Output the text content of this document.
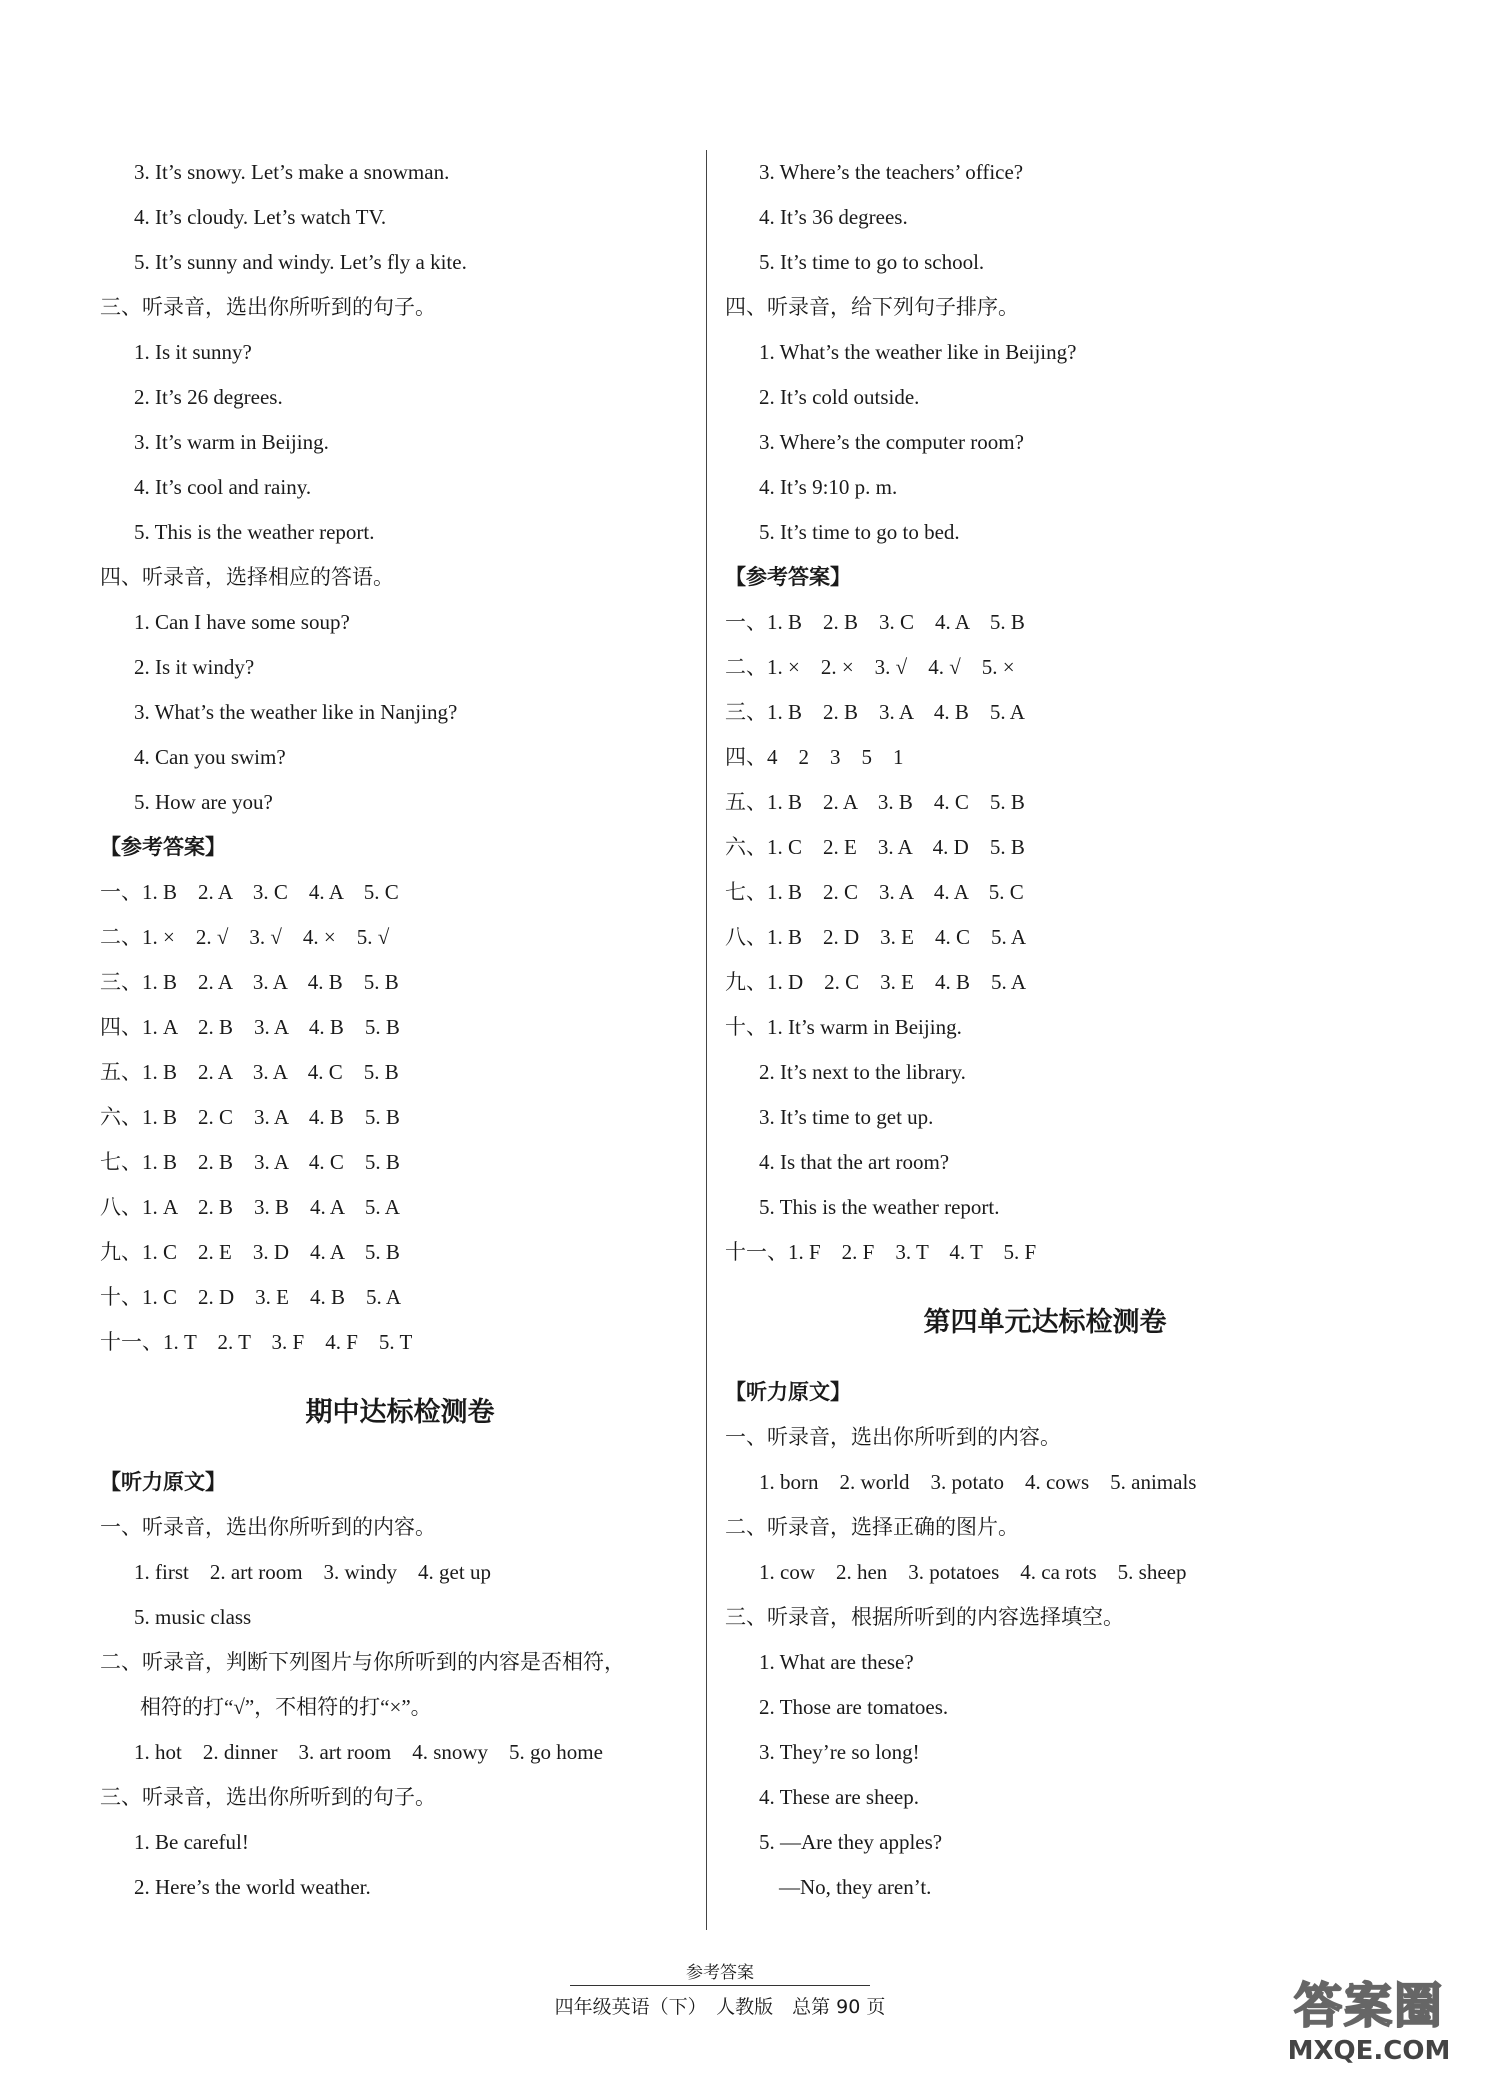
3. It’s snowy. Let’s make a snowman.
4. It’s cloudy. Let’s watch TV.
5. It’s sunny and windy. Let’s fly a kite.
三、听录音，选出你所听到的句子。
1. Is it sunny?
2. It’s 26 degrees.
3. It’s warm in Beijing.
4. It’s cool and rainy.
5. This is the weather report.
四、听录音，选择相应的答语。
1. Can I have some soup?
2. Is it windy?
3. What’s the weather like in Nanjing?
4. Can you swim?
5. How are you?
【参考答案】
一、1. B　2. A　3. C　4. A　5. C
二、1. ×　2. √　3. √　4. ×　5. √
三、1. B　2. A　3. A　4. B　5. B
四、1. A　2. B　3. A　4. B　5. B
五、1. B　2. A　3. A　4. C　5. B
六、1. B　2. C　3. A　4. B　5. B
七、1. B　2. B　3. A　4. C　5. B
八、1. A　2. B　3. B　4. A　5. A
九、1. C　2. E　3. D　4. A　5. B
十、1. C　2. D　3. E　4. B　5. A
十一、1. T　2. T　3. F　4. F　5. T
期中达标检测卷
【听力原文】
一、听录音，选出你所听到的内容。
1. first　2. art room　3. windy　4. get up
5. music class
二、听录音，判断下列图片与你所听到的内容是否相符，
相符的打“√”，不相符的打“×”。
1. hot　2. dinner　3. art room　4. snowy　5. go home
三、听录音，选出你所听到的句子。
1. Be careful!
2. Here’s the world weather.
3. Where’s the teachers’ office?
4. It’s 36 degrees.
5. It’s time to go to school.
四、听录音，给下列句子排序。
1. What’s the weather like in Beijing?
2. It’s cold outside.
3. Where’s the computer room?
4. It’s 9:10 p. m.
5. It’s time to go to bed.
【参考答案】
一、1. B　2. B　3. C　4. A　5. B
二、1. ×　2. ×　3. √　4. √　5. ×
三、1. B　2. B　3. A　4. B　5. A
四、4　2　3　5　1
五、1. B　2. A　3. B　4. C　5. B
六、1. C　2. E　3. A　4. D　5. B
七、1. B　2. C　3. A　4. A　5. C
八、1. B　2. D　3. E　4. C　5. A
九、1. D　2. C　3. E　4. B　5. A
十、1. It’s warm in Beijing.
2. It’s next to the library.
3. It’s time to get up.
4. Is that the art room?
5. This is the weather report.
十一、1. F　2. F　3. T　4. T　5. F
第四单元达标检测卷
【听力原文】
一、听录音，选出你所听到的内容。
1. born　2. world　3. potato　4. cows　5. animals
二、听录音，选择正确的图片。
1. cow　2. hen　3. potatoes　4. ca rots　5. sheep
三、听录音，根据所听到的内容选择填空。
1. What are these?
2. Those are tomatoes.
3. They’re so long!
4. These are sheep.
5. —Are they apples?
—No, they aren’t.
参考答案
四年级英语（下）　人教版　总第 90 页	答案圈
MXQE.COM
